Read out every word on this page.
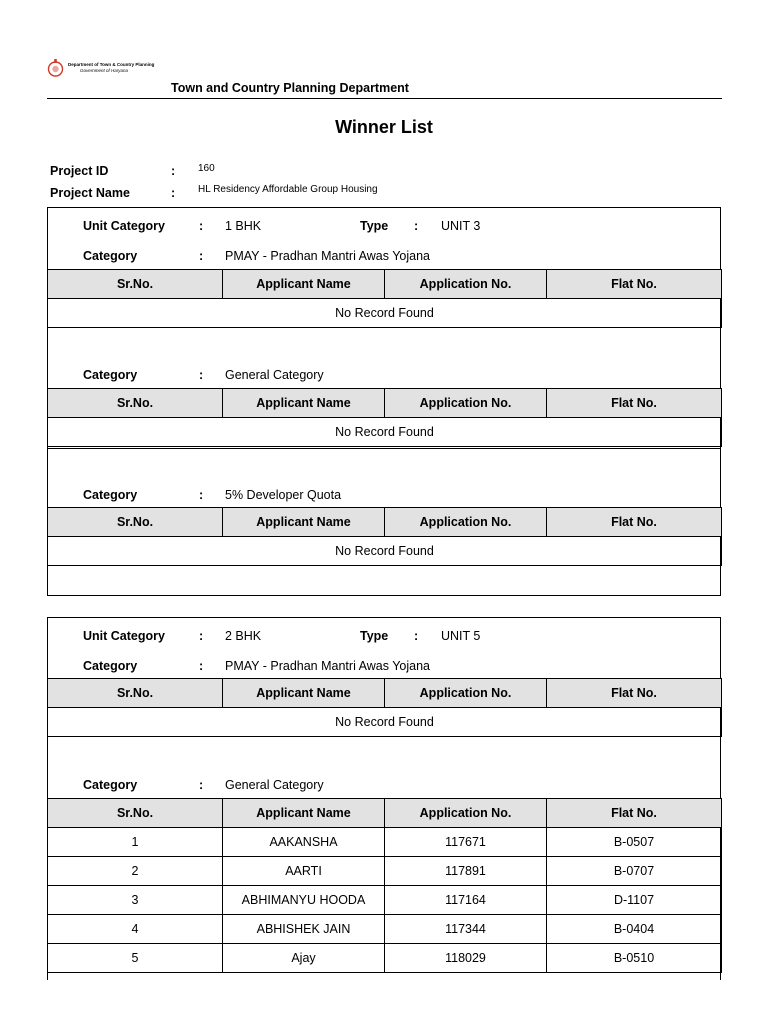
Department of Town & Country Planning
Government of Haryana
Town and Country Planning Department
Winner List
Project ID	: 160
Project Name	: HL Residency Affordable Group Housing
Unit Category	: 1 BHK	Type : UNIT 3
Category	: PMAY - Pradhan Mantri Awas Yojana
Sr.No.	Applicant Name	Application No.	Flat No.
No Record Found
Category	: General Category
Sr.No.	Applicant Name	Application No.	Flat No.
No Record Found
Category	: 5% Developer Quota
Sr.No.	Applicant Name	Application No.	Flat No.
No Record Found
Unit Category	: 2 BHK	Type : UNIT 5
Category	: PMAY - Pradhan Mantri Awas Yojana
Sr.No.	Applicant Name	Application No.	Flat No.
No Record Found
Category	: General Category
Sr.No.	Applicant Name	Application No.	Flat No.
1	AAKANSHA	117671	B-0507
2	AARTI	117891	B-0707
3	ABHIMANYU HOODA	117164	D-1107
4	ABHISHEK JAIN	117344	B-0404
5	Ajay	118029	B-0510
